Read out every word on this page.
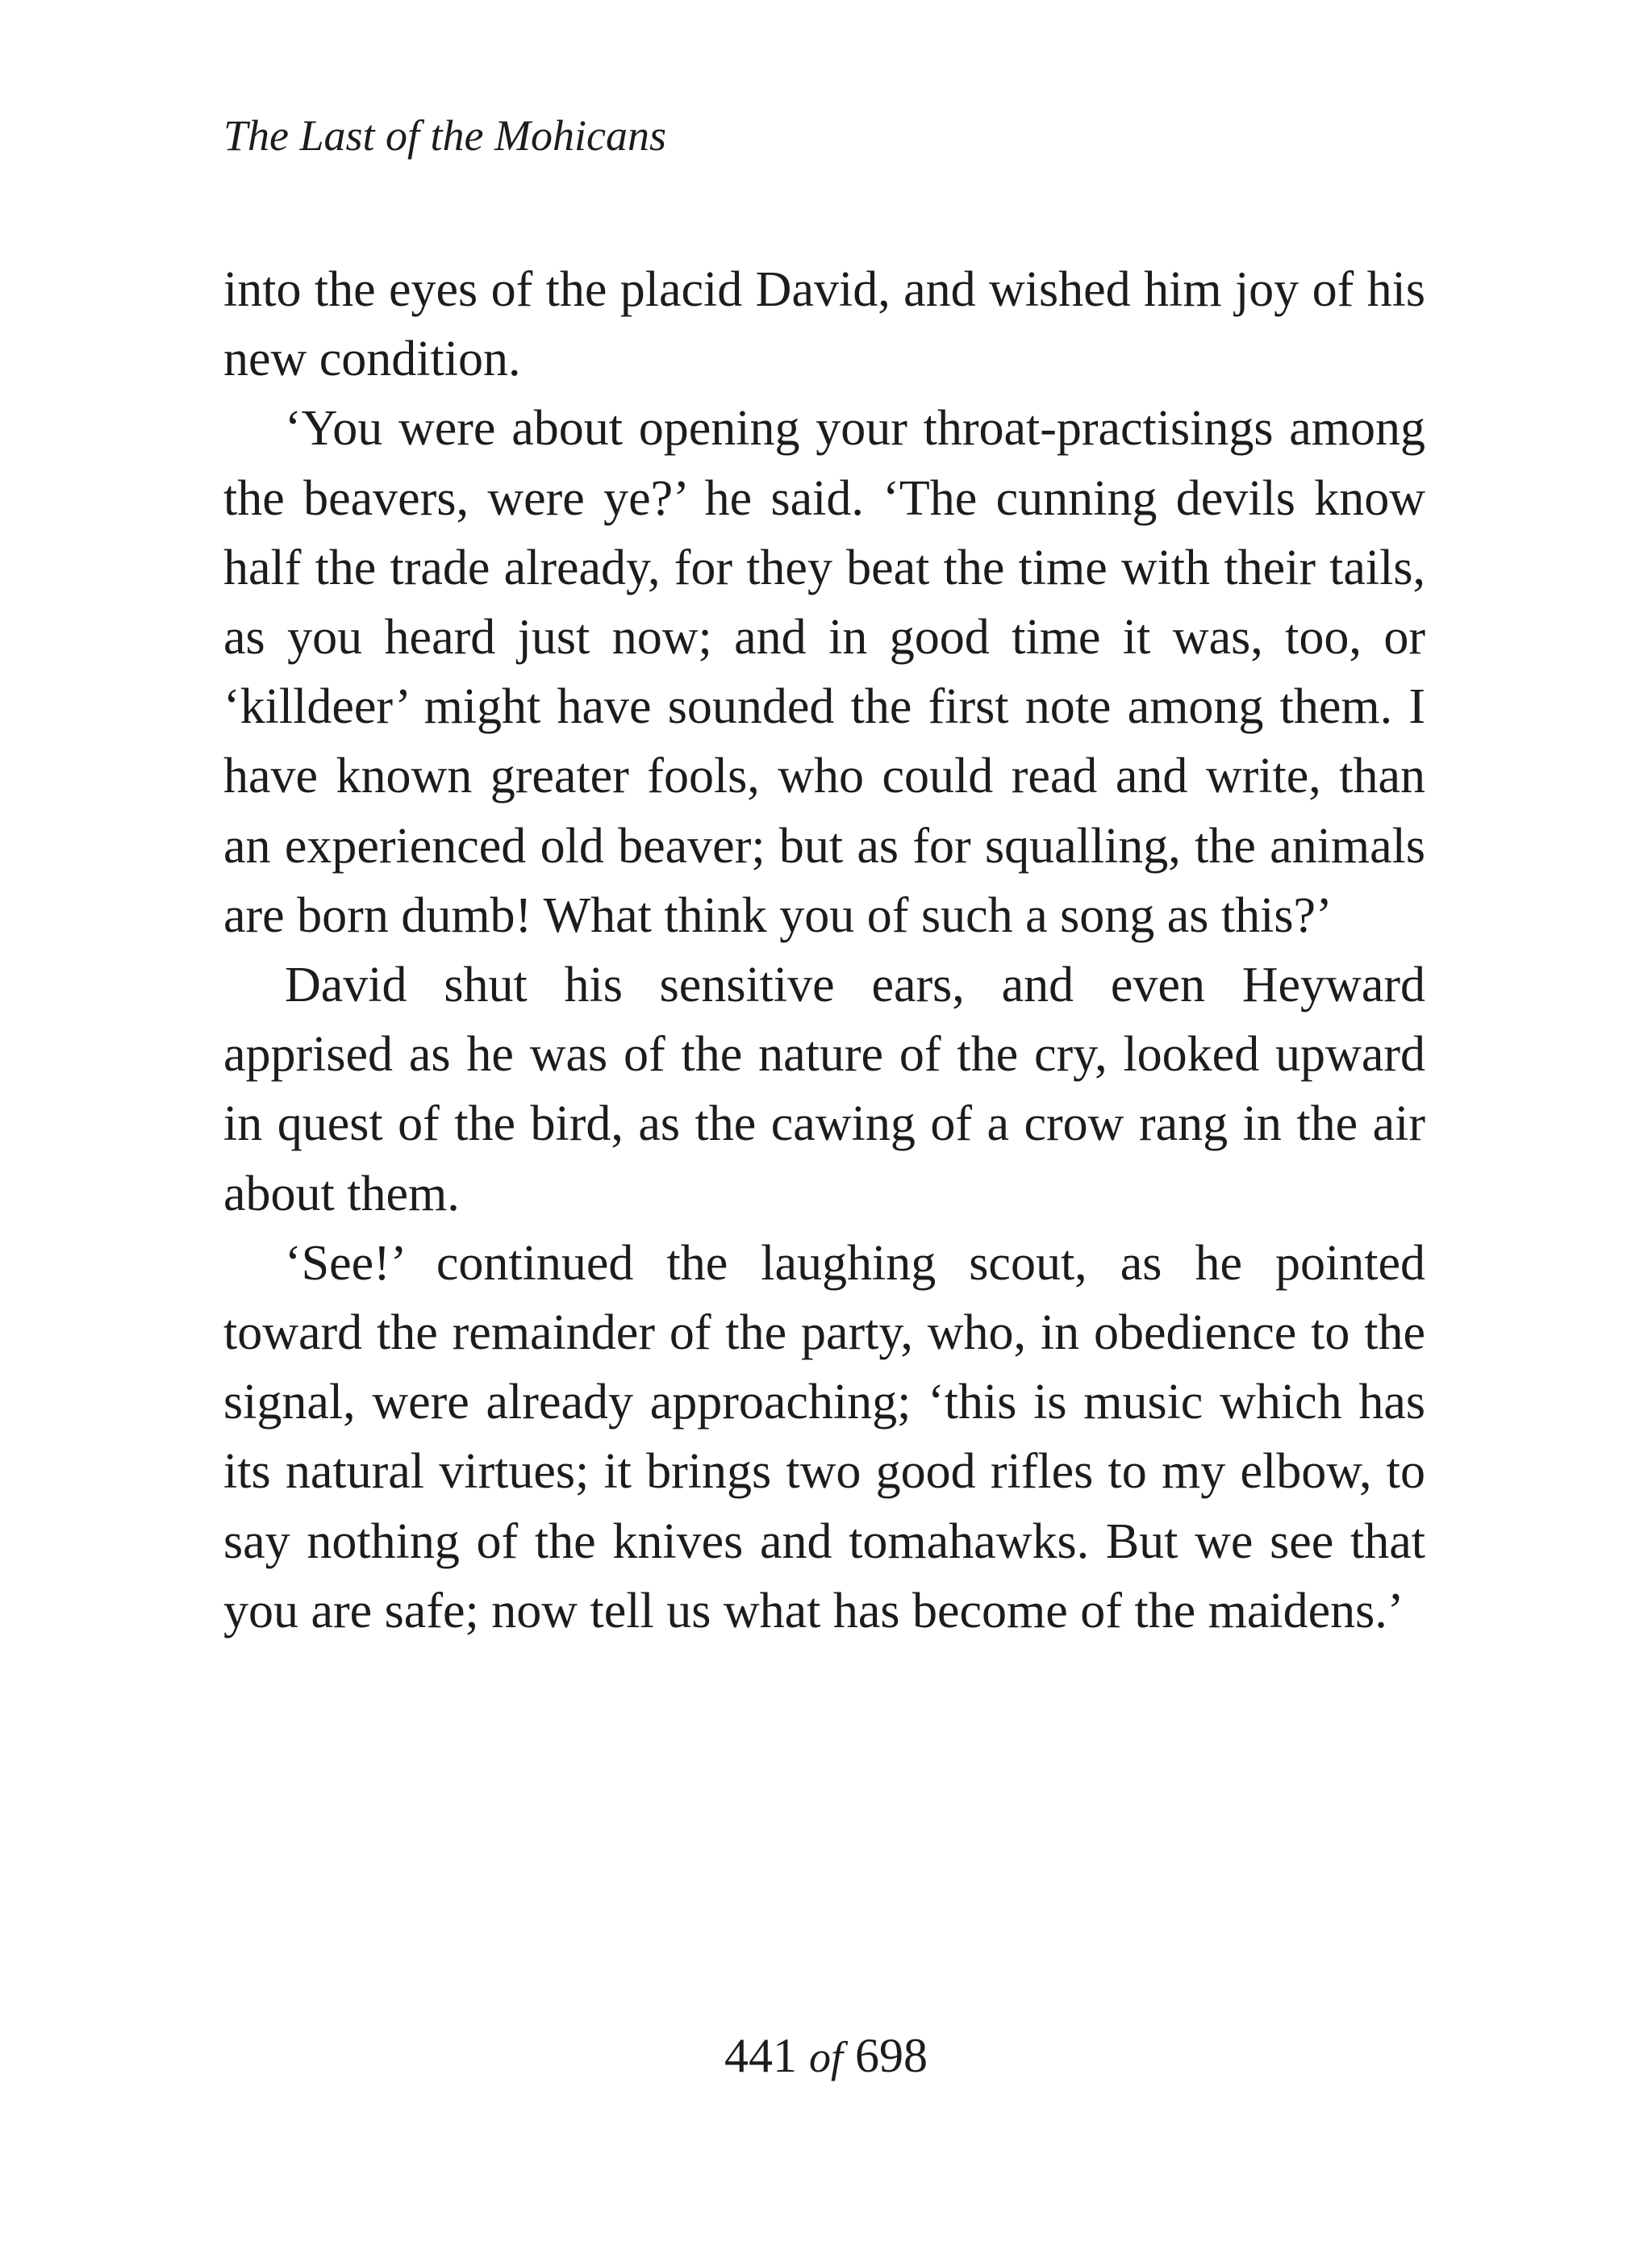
The Last of the Mohicans

into the eyes of the placid David, and wished him joy of his new condition.

‘You were about opening your throat-practisings among the beavers, were ye?’ he said. ‘The cunning devils know half the trade already, for they beat the time with their tails, as you heard just now; and in good time it was, too, or ‘killdeer’ might have sounded the first note among them. I have known greater fools, who could read and write, than an experienced old beaver; but as for squalling, the animals are born dumb! What think you of such a song as this?’

David shut his sensitive ears, and even Heyward apprised as he was of the nature of the cry, looked upward in quest of the bird, as the cawing of a crow rang in the air about them.

‘See!’ continued the laughing scout, as he pointed toward the remainder of the party, who, in obedience to the signal, were already approaching; ‘this is music which has its natural virtues; it brings two good rifles to my elbow, to say nothing of the knives and tomahawks. But we see that you are safe; now tell us what has become of the maidens.’

441 of 698
